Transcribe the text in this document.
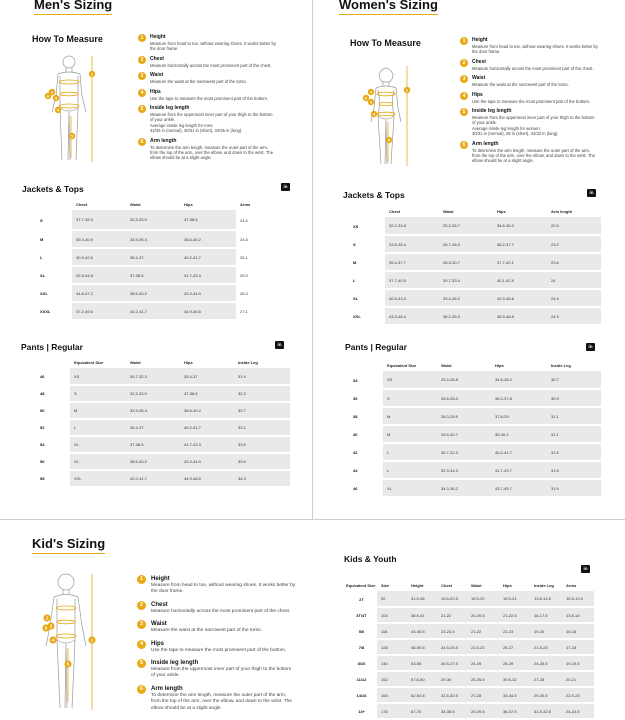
Men's Sizing
How To Measure
1
2
3
4
5
6
1	Height
Measure from head to toe, without wearing shoes. It works better by
the door frame.
2	Chest
Measure horizontally across the most prominent part of the chest.
3	Waist
Measure the waist at the narrowest part of the torso.
4	Hips
Use the tape to measure the most prominent part of the bottom.
5	Inside leg length
Measure from the uppermost inner part of your thigh to the bottom
of your ankle.
Average inside leg length for men:
32/33 in (normal), 30/31 in (short), 34/35 in (long).
6	Arm length
To determine the arm length, measure the outer part of the arm,
from the top of the arm, over the elbow, and down to the wrist. The
elbow should be at a slight angle.
Jackets & Tops	in
	Chest	Waist	Hips	Arms
S	37.7-39.3	32.3-33.9	37-38.6	24.4
M	39.3-40.9	33.9-35.4	38.6-40.2	24.8
L	40.9-42.5	35.4-37	40.2-41.7	25.1
XL	42.5-44.8	37-38.6	41.7-43.3	25.9
XXL	44.8-47.2	38.6-40.2	43.3-44.9	26.3
XXXL	47.2-49.6	40.2-41.7	44.9-46.5	27.1
Pants | Regular	in
	Equivalent Size	Waist	Hips	Inside Leg
46	XS	30.7-32.3	35.4-37	31.9
48	S	32.3-33.9	37-38.6	32.3
50	M	33.9-35.4	38.6-40.2	32.7
52	L	35.4-37	40.2-41.7	33.1
54	XL	37-38.6	41.7-43.3	33.5
56	XL	38.6-40.2	43.3-44.9	33.9
58	XXL	40.2-41.7	44.9-46.5	34.3
Women's Sizing
How To Measure
1
2
3
4
5
6
1	Height
Measure from head to toe, without wearing shoes. It works better by
the door frame.
2	Chest
Measure horizontally across the most prominent part of the chest.
3	Waist
Measure the waist at the narrowest part of the torso.
4	Hips
Use the tape to measure the most prominent part of the bottom.
5	Inside leg length
Measure from the uppermost inner part of your thigh to the bottom
of your ankle.
Average inside leg length for women:
30/31 in (normal), 29 in (short), 32/33 in (long).
6	Arm length
To determine the arm length, measure the outer part of the arm,
from the top of the arm, over the elbow, and down to the wrist. The
elbow should be at a slight angle.
Jackets & Tops	in
	Chest	Waist	Hips	Arm length
XS	32.2-33.8	25.2-26.7	34.6-36.2	22.8
S	33.8-35.4	26.7-28.3	36.2-37.7	23.2
M	35.4-37.7	28.3-30.7	37.7-40.1	23.6
L	37.7-40.5	30.7-33.4	40.1-42.9	24
XL	40.5-43.3	33.4-36.2	42.9-45.6	24.4
XXL	43.3-46.4	36.2-39.3	45.5-48.8	24.4
Pants | Regular	in
	Equivalent Size	Waist	Hips	Inside Leg
34	XS	25.2-26.8	34.6-36.2	30.7
36	S	26.8-28.3	36.2-37.8	30.9
38	M	28.3-29.5	37.8-29	31.1
40	M	29.5-30.7	39-40.2	31.1
42	L	30.7-32.3	40.2-41.7	31.5
44	L	32.3-34.3	41.7-43.7	31.5
46	XL	34.3-36.2	43.7-45.7	31.9
Kid's Sizing
1
2
3
4
5
6
1	Height
Measure from head to toe, without wearing shoes. It works better by
the door frame.
2	Chest
Measure horizontally across the most prominent part of the chest.
3	Waist
Measure the waist at the narrowest part of the torso.
4	Hips
Use the tape to measure the most prominent part of the bottom.
5	Inside leg length
Measure from the uppermost inner part of your thigh to the bottom
of your ankle.
6	Arm length
To determine the arm length, measure the outer part of the arm,
from the top of the arm, over the elbow, and down to the wrist. The
elbow should be at a slight angle.
Kids & Youth
in
Equivalent Size	Size	Height	Chest	Waist	Hips	Inside Leg	Arms
2T	92	31.5-36	19.5-20.5	19.5-20	19.5-21	13.5-14.5	10.5-12.5
3T/4T	104	38.5-41	21-22	20-20.5	21-22.5	16-17.5	13.5-14
5/6	116	43-45.5	23-23.5	21-22	22-23	19-20	15-16
7/8	128	48-50.5	24.5-25.5	22.5-23	26-27	21.5-23	17-18
8/10	140	53-55	26.5-27.5	24-25	28-29	24-25.5	19-19.5
11/12	152	57.5-60	29-30	25-25.5	30.5-32	27-28	20-21
14/16	164	62-64.5	31.5-32.5	27-28	33-34.5	29-30.5	22.5-23
14+	176	67-70	34-35.5	29-29.5	36-37.5	31.5-32.5	24-24.5
